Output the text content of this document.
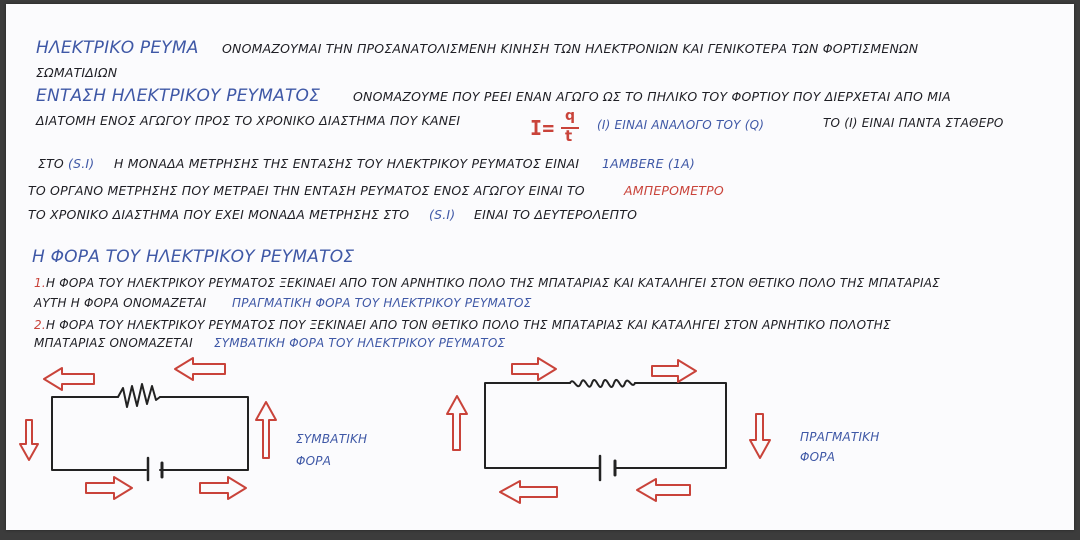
ΗΛΕΚΤΡΙΚΟ ΡΕΥΜΑ ΟΝΟΜΑΖΟΥΜΑΙ ΤΗΝ ΠΡΟΣΑΝΑΤΟΛΙΣΜΕΝΗ ΚΙΝΗΣΗ ΤΩΝ ΗΛΕΚΤΡΟΝΙΩΝ ΚΑΙ ΓΕΝΙΚΟΤΕΡΑ ΤΩΝ ΦΟΡΤΙΣΜΕΝΩΝ
ΣΩΜΑΤΙΔΙΩΝ
ΕΝΤΑΣΗ ΗΛΕΚΤΡΙΚΟΥ ΡΕΥΜΑΤΟΣ	ΟΝΟΜΑΖΟΥΜΕ ΠΟΥ ΡΕΕΙ ΕΝΑΝ ΑΓΩΓΟ ΩΣ ΤΟ ΠΗΛΙΚΟ ΤΟΥ ΦΟΡΤΙΟΥ ΠΟΥ ΔΙΕΡΧΕΤΑΙ ΑΠΟ ΜΙΑ
ΔΙΑΤΟΜΗ ΕΝΟΣ ΑΓΩΓΟΥ ΠΡΟΣ ΤΟ ΧΡΟΝΙΚΟ ΔΙΑΣΤΗΜΑ ΠΟΥ ΚΑΝΕΙ	I= q
t
(I) ΕΙΝΑΙ ΑΝΑΛΟΓΟ ΤΟΥ (Q)	ΤΟ (I) ΕΙΝΑΙ ΠΑΝΤΑ ΣΤΑΘΕΡΟ
ΣΤΟ (S.I) Η ΜΟΝΑΔΑ ΜΕΤΡΗΣΗΣ ΤΗΣ ΕΝΤΑΣΗΣ ΤΟΥ ΗΛΕΚΤΡΙΚΟΥ ΡΕΥΜΑΤΟΣ ΕΙΝΑΙ 1AMBERE (1A)
ΤΟ ΟΡΓΑΝΟ ΜΕΤΡΗΣΗΣ ΠΟΥ ΜΕΤΡΑΕΙ ΤΗΝ ΕΝΤΑΣΗ ΡΕΥΜΑΤΟΣ ΕΝΟΣ ΑΓΩΓΟΥ ΕΙΝΑΙ ΤΟ	ΑΜΠΕΡΟΜΕΤΡΟ
ΤΟ ΧΡΟΝΙΚΟ ΔΙΑΣΤΗΜΑ ΠΟΥ ΕΧΕΙ ΜΟΝΑΔΑ ΜΕΤΡΗΣΗΣ ΣΤΟ (S.I) ΕΙΝΑΙ ΤΟ ΔΕΥΤΕΡΟΛΕΠΤΟ
Η ΦΟΡΑ ΤΟΥ ΗΛΕΚΤΡΙΚΟΥ ΡΕΥΜΑΤΟΣ
1. Η ΦΟΡΑ ΤΟΥ ΗΛΕΚΤΡΙΚΟΥ ΡΕΥΜΑΤΟΣ ΞΕΚΙΝΑΕΙ ΑΠΟ ΤΟΝ ΑΡΝΗΤΙΚΟ ΠΟΛΟ ΤΗΣ ΜΠΑΤΑΡΙΑΣ ΚΑΙ ΚΑΤΑΛΗΓΕΙ ΣΤΟΝ ΘΕΤΙΚΟ ΠΟΛΟ ΤΗΣ ΜΠΑΤΑΡΙΑΣ
ΑΥΤΗ Η ΦΟΡΑ ΟΝΟΜΑΖΕΤΑΙ ΠΡΑΓΜΑΤΙΚΗ ΦΟΡΑ ΤΟΥ ΗΛΕΚΤΡΙΚΟΥ ΡΕΥΜΑΤΟΣ
2. Η ΦΟΡΑ ΤΟΥ ΗΛΕΚΤΡΙΚΟΥ ΡΕΥΜΑΤΟΣ ΠΟΥ ΞΕΚΙΝΑΕΙ ΑΠΟ ΤΟΝ ΘΕΤΙΚΟ ΠΟΛΟ ΤΗΣ ΜΠΑΤΑΡΙΑΣ ΚΑΙ ΚΑΤΑΛΗΓΕΙ ΣΤΟΝ ΑΡΝΗΤΙΚΟ ΠΟΛΟΤΗΣ
ΜΠΑΤΑΡΙΑΣ ΟΝΟΜΑΖΕΤΑΙ ΣΥΜΒΑΤΙΚΗ ΦΟΡΑ ΤΟΥ ΗΛΕΚΤΡΙΚΟΥ ΡΕΥΜΑΤΟΣ
ΣΥΜΒΑΤΙΚΗ
ΦΟΡΑ
ΠΡΑΓΜΑΤΙΚΗ
ΦΟΡΑ
